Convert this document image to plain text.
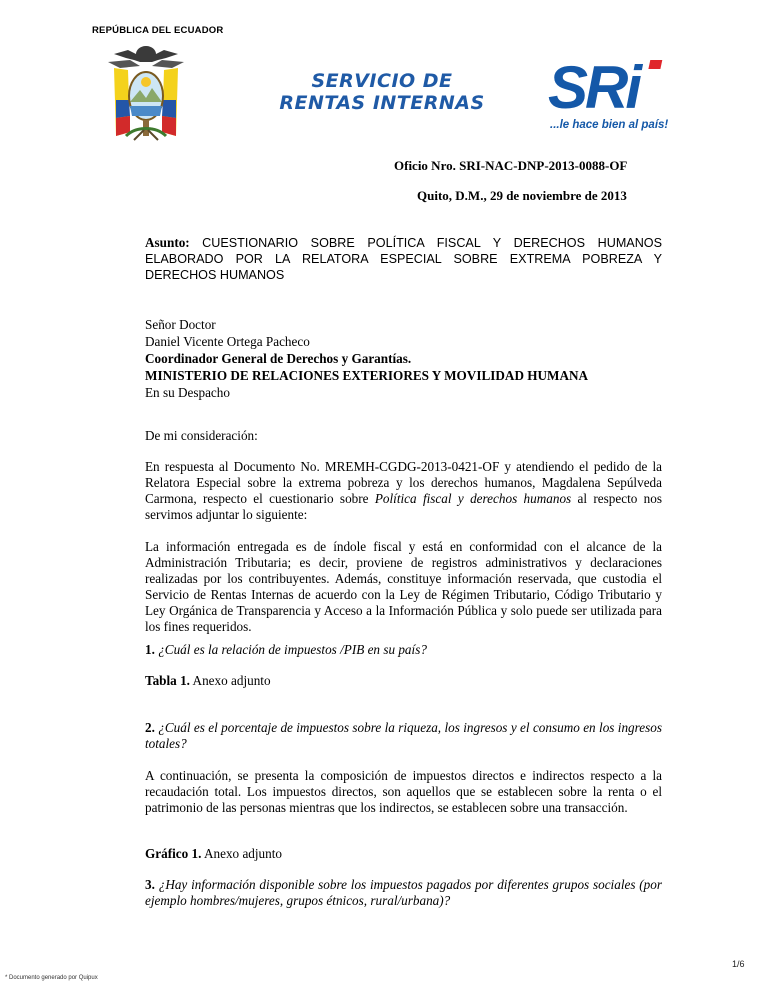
REPÚBLICA DEL ECUADOR
SERVICIO DE
RENTAS INTERNAS SRi
...le hace bien al país!
Oficio Nro. SRI-NAC-DNP-2013-0088-OF
Quito, D.M., 29 de noviembre de 2013
Asunto: CUESTIONARIO SOBRE POLÍTICA FISCAL Y DERECHOS HUMANOS ELABORADO POR LA RELATORA ESPECIAL SOBRE EXTREMA POBREZA Y DERECHOS HUMANOS
Señor Doctor
Daniel Vicente Ortega Pacheco
Coordinador General de Derechos y Garantías.
MINISTERIO DE RELACIONES EXTERIORES Y MOVILIDAD HUMANA
En su Despacho
De mi consideración:
En respuesta al Documento No. MREMH-CGDG-2013-0421-OF y atendiendo el pedido de la Relatora Especial sobre la extrema pobreza y los derechos humanos, Magdalena Sepúlveda Carmona, respecto el cuestionario sobre Política fiscal y derechos humanos al respecto nos servimos adjuntar lo siguiente:
La información entregada es de índole fiscal y está en conformidad con el alcance de la Administración Tributaria; es decir, proviene de registros administrativos y declaraciones realizadas por los contribuyentes. Además, constituye información reservada, que custodia el Servicio de Rentas Internas de acuerdo con la Ley de Régimen Tributario, Código Tributario y Ley Orgánica de Transparencia y Acceso a la Información Pública y solo puede ser utilizada para los fines requeridos.
1. ¿Cuál es la relación de impuestos /PIB en su país?
Tabla 1. Anexo adjunto
2. ¿Cuál es el porcentaje de impuestos sobre la riqueza, los ingresos y el consumo en los ingresos totales?
A continuación, se presenta la composición de impuestos directos e indirectos respecto a la recaudación total. Los impuestos directos, son aquellos que se establecen sobre la renta o el patrimonio de las personas mientras que los indirectos, se establecen sobre una transacción.
Gráfico 1. Anexo adjunto
3. ¿Hay información disponible sobre los impuestos pagados por diferentes grupos sociales (por ejemplo hombres/mujeres, grupos étnicos, rural/urbana)?
* Documento generado por Quipux
1/6
